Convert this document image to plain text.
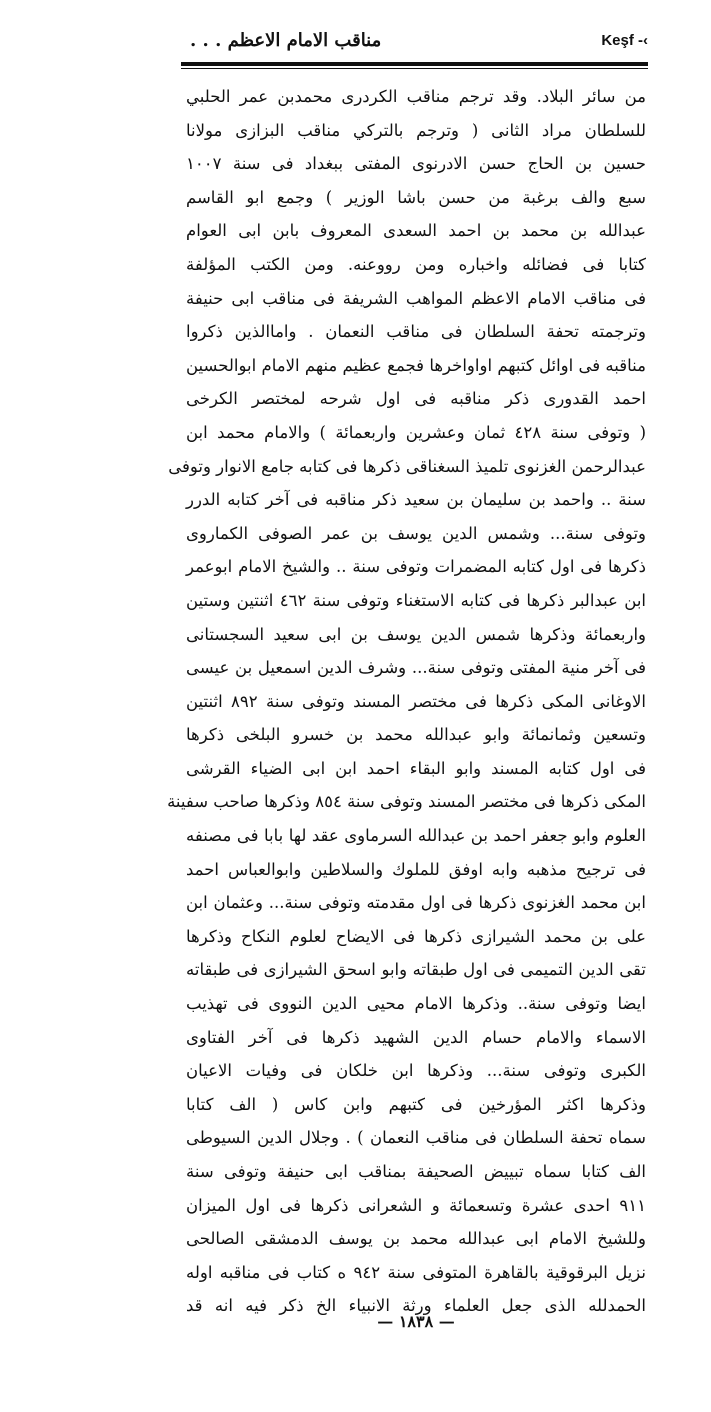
مناقب الامام الاعظم . . .	Keşf -‹
من سائر البلاد. وقد ترجم مناقب الكردرى محمدبن عمر الحلبي
للسلطان مراد الثانى ( وترجم بالتركي مناقب البزازى مولانا
حسين بن الحاج حسن الادرنوى المفتى ببغداد فى سنة ١٠٠٧
سبع والف برغبة من حسن باشا الوزير ) وجمع ابو القاسم
عبدالله بن محمد بن احمد السعدى المعروف بابن ابى العوام
كتابا فى فضائله واخباره ومن رووعنه. ومن الكتب المؤلفة
فى مناقب الامام الاعظم المواهب الشريفة فى مناقب ابى حنيفة
وترجمته تحفة السلطان فى مناقب النعمان . واماالذين ذكروا
مناقبه فى اوائل كتبهم اواواخرها فجمع عظيم منهم الامام ابوالحسين
احمد القدورى ذكر مناقبه فى اول شرحه لمختصر الكرخى
( وتوفى سنة ٤٢٨ ثمان وعشرين واربعمائة ) والامام محمد ابن
عبدالرحمن الغزنوى تلميذ السغناقى ذكرها فى كتابه جامع الانوار وتوفى
سنة .. واحمد بن سليمان بن سعيد ذكر مناقبه فى آخر كتابه الدرر
وتوفى سنة... وشمس الدين يوسف بن عمر الصوفى الكماروى
ذكرها فى اول كتابه المضمرات وتوفى سنة .. والشيخ الامام ابوعمر
ابن عبدالبر ذكرها فى كتابه الاستغناء وتوفى سنة ٤٦٢ اثنتين وستين
واربعمائة وذكرها شمس الدين يوسف بن ابى سعيد السجستانى
فى آخر منية المفتى وتوفى سنة... وشرف الدين اسمعيل بن عيسى
الاوغانى المكى ذكرها فى مختصر المسند وتوفى سنة ٨٩٢ اثنتين
وتسعين وثمانمائة وابو عبدالله محمد بن خسرو البلخى ذكرها
فى اول كتابه المسند وابو البقاء احمد ابن ابى الضياء القرشى
المكى ذكرها فى مختصر المسند وتوفى سنة ٨٥٤ وذكرها صاحب سفينة
العلوم وابو جعفر احمد بن عبدالله السرماوى عقد لها بابا فى مصنفه
فى ترجيح مذهبه وابه اوفق للملوك والسلاطين وابوالعباس احمد
ابن محمد الغزنوى ذكرها فى اول مقدمته وتوفى سنة... وعثمان ابن
على بن محمد الشيرازى ذكرها فى الايضاح لعلوم النكاح وذكرها
تقى الدين التميمى فى اول طبقاته وابو اسحق الشيرازى فى طبقاته
ايضا وتوفى سنة.. وذكرها الامام محيى الدين النووى فى تهذيب
الاسماء والامام حسام الدين الشهيد ذكرها فى آخر الفتاوى
الكبرى وتوفى سنة... وذكرها ابن خلكان فى وفيات الاعيان
وذكرها اكثر المؤرخين فى كتبهم وابن كاس ( الف كتابا
سماه تحفة السلطان فى مناقب النعمان ) . وجلال الدين السيوطى
الف كتابا سماه تبييض الصحيفة بمناقب ابى حنيفة وتوفى سنة
٩١١ احدى عشرة وتسعمائة و الشعرانى ذكرها فى اول الميزان
وللشيخ الامام ابى عبدالله محمد بن يوسف الدمشقى الصالحى
نزيل البرقوقية بالقاهرة المتوفى سنة ٩٤٢ ه كتاب فى مناقبه اوله
الحمدلله الذى جعل العلماء ورثة الانبياء الخ ذكر فيه انه قد
— ١٨٣٨ —
